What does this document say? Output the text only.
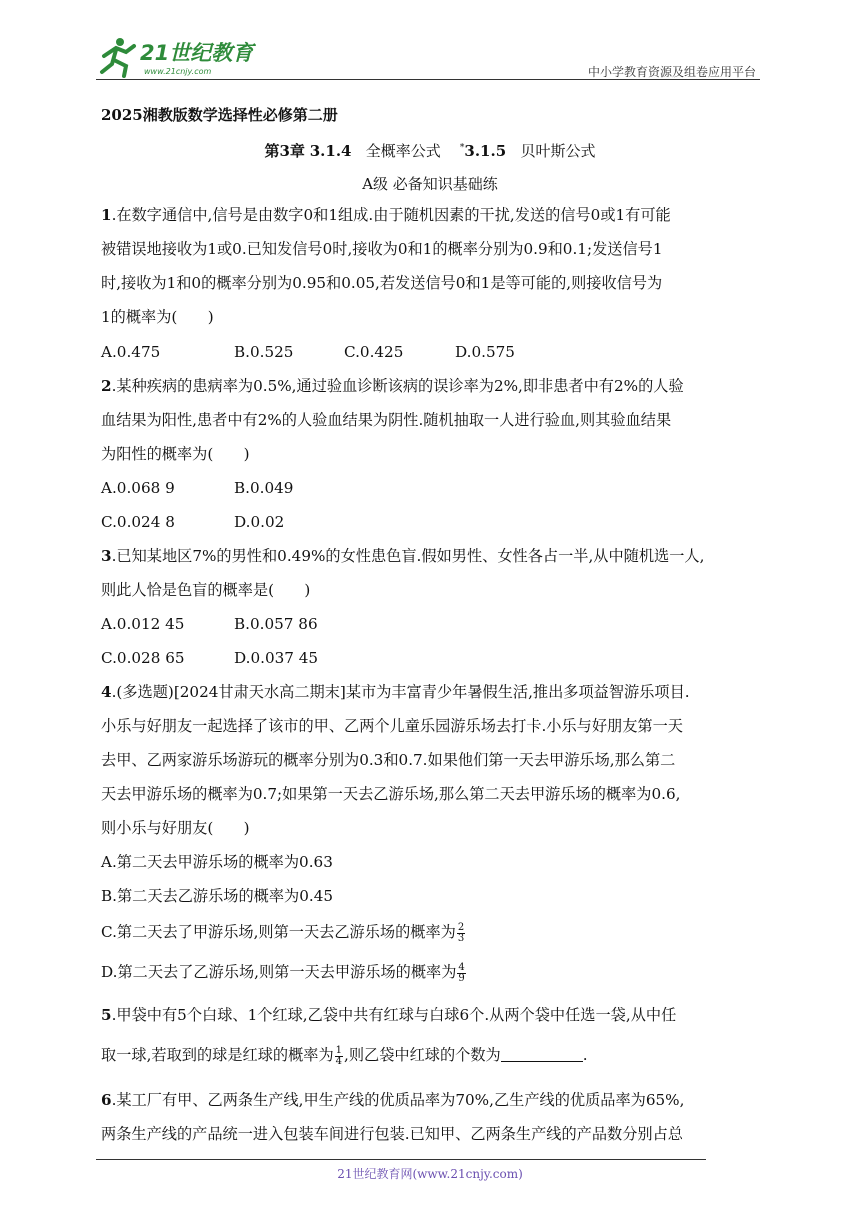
21世纪教育
www.21cnjy.com	中小学教育资源及组卷应用平台
2025湘教版数学选择性必修第二册
第3章 3.1.4 全概率公式 *3.1.5 贝叶斯公式
A级 必备知识基础练
1.在数字通信中,信号是由数字0和1组成.由于随机因素的干扰,发送的信号0或1有可能
被错误地接收为1或0.已知发信号0时,接收为0和1的概率分别为0.9和0.1;发送信号1
时,接收为1和0的概率分别为0.95和0.05,若发送信号0和1是等可能的,则接收信号为
1的概率为(　　)
A.0.475	B.0.525	C.0.425	D.0.575
2.某种疾病的患病率为0.5%,通过验血诊断该病的误诊率为2%,即非患者中有2%的人验
血结果为阳性,患者中有2%的人验血结果为阴性.随机抽取一人进行验血,则其验血结果
为阳性的概率为(　　)
A.0.068 9	B.0.049
C.0.024 8	D.0.02
3.已知某地区7%的男性和0.49%的女性患色盲.假如男性、女性各占一半,从中随机选一人,
则此人恰是色盲的概率是(　　)
A.0.012 45	B.0.057 86
C.0.028 65	D.0.037 45
4.(多选题)[2024甘肃天水高二期末]某市为丰富青少年暑假生活,推出多项益智游乐项目.
小乐与好朋友一起选择了该市的甲、乙两个儿童乐园游乐场去打卡.小乐与好朋友第一天
去甲、乙两家游乐场游玩的概率分别为0.3和0.7.如果他们第一天去甲游乐场,那么第二
天去甲游乐场的概率为0.7;如果第一天去乙游乐场,那么第二天去甲游乐场的概率为0.6,
则小乐与好朋友(　　)
A.第二天去甲游乐场的概率为0.63
B.第二天去乙游乐场的概率为0.45
C.第二天去了甲游乐场,则第一天去乙游乐场的概率为 $\frac{2}{3}$
D.第二天去了乙游乐场,则第一天去甲游乐场的概率为 $\frac{4}{9}$
5.甲袋中有5个白球、1个红球,乙袋中共有红球与白球6个.从两个袋中任选一袋,从中任
取一球,若取到的球是红球的概率为 $\frac{1}{4}$ ,则乙袋中红球的个数为	.
6.某工厂有甲、乙两条生产线,甲生产线的优质品率为70%,乙生产线的优质品率为65%,
两条生产线的产品统一进入包装车间进行包装.已知甲、乙两条生产线的产品数分别占总
21世纪教育网(www.21cnjy.com)
